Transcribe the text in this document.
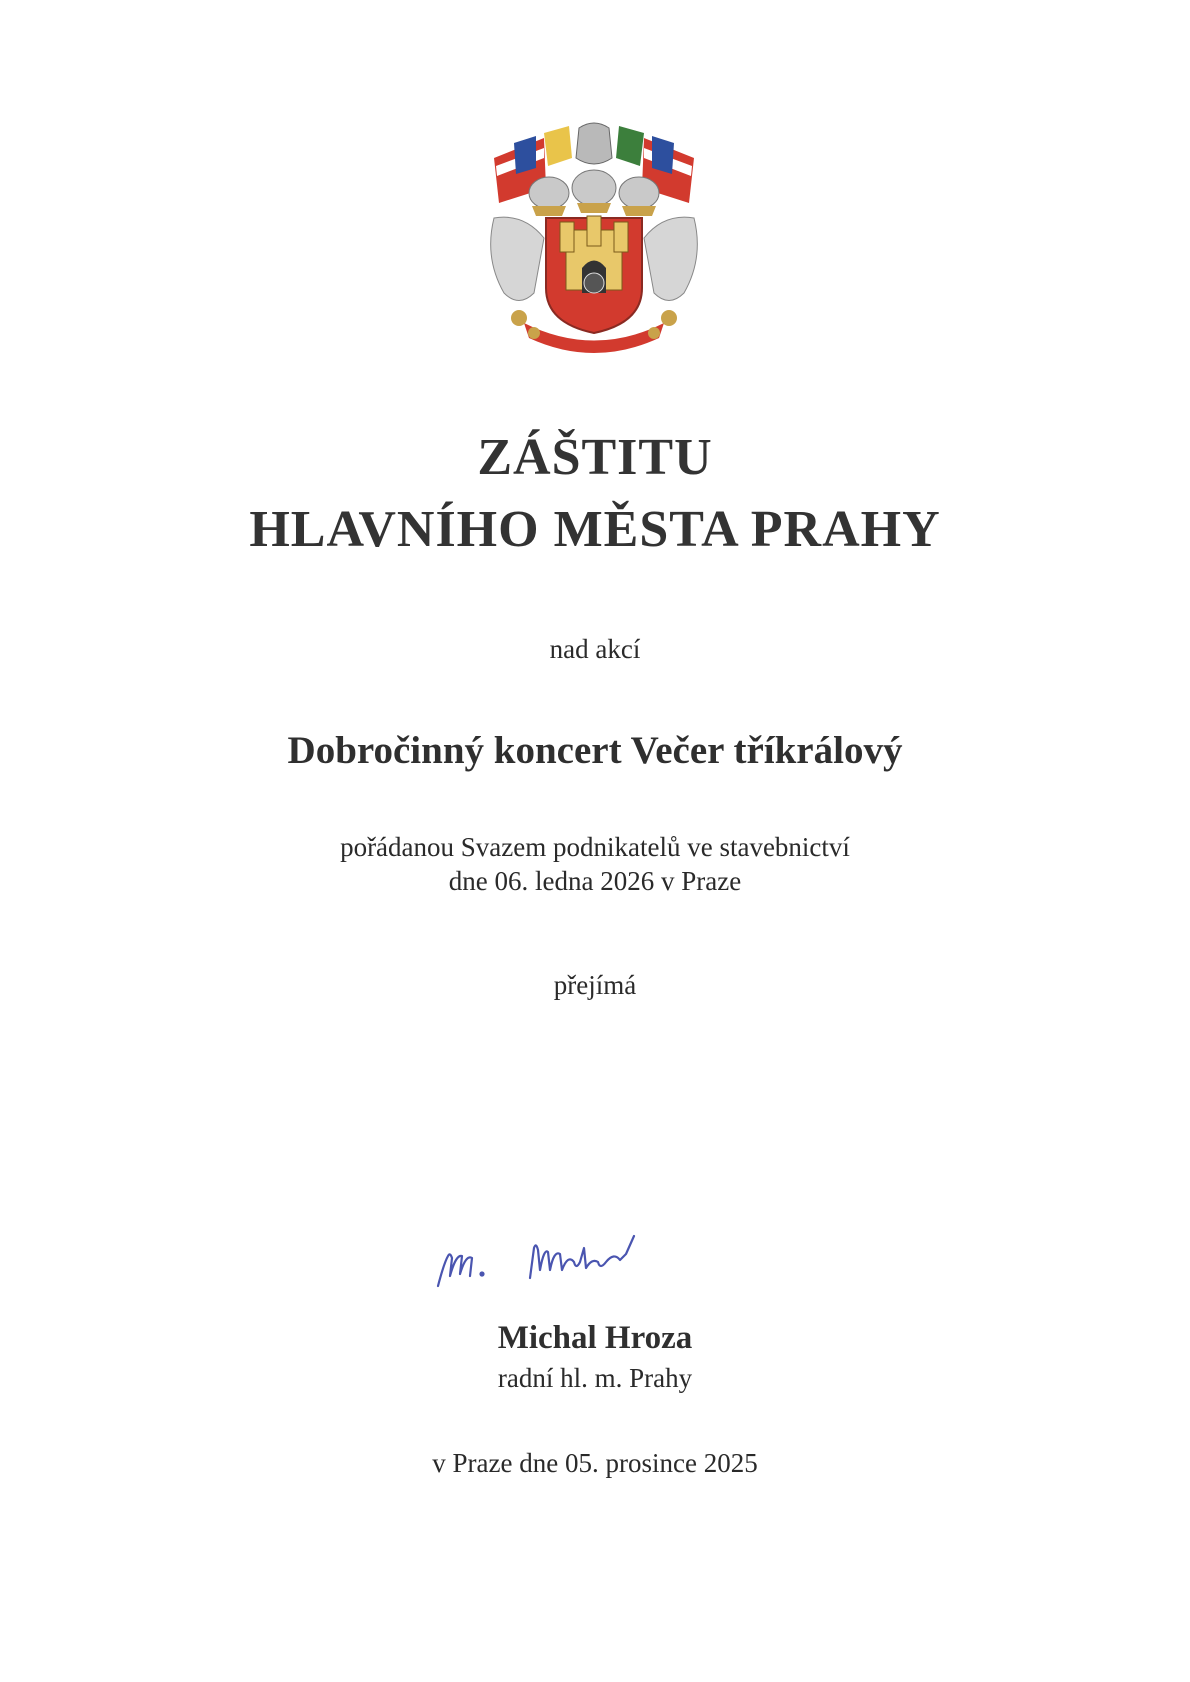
ZÁŠTITU
HLAVNÍHO MĚSTA PRAHY
nad akcí
Dobročinný koncert Večer tříkrálový
pořádanou Svazem podnikatelů ve stavebnictví
dne 06. ledna 2026 v Praze
přejímá
Michal Hroza
radní hl. m. Prahy
v Praze dne 05. prosince 2025
